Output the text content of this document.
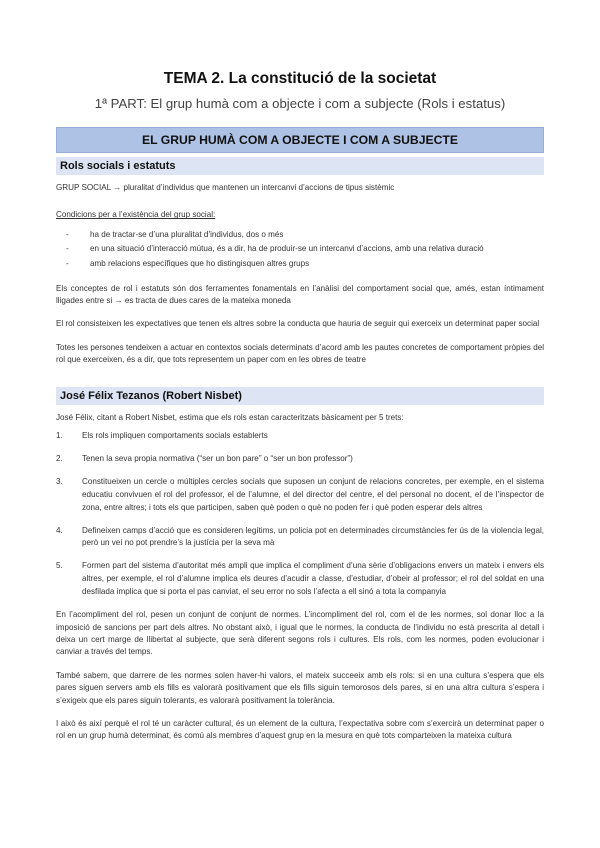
TEMA 2. La constitució de la societat
1ª PART: El grup humà com a objecte i com a subjecte (Rols i estatus)
EL GRUP HUMÀ COM A OBJECTE I COM A SUBJECTE
Rols socials i estatuts

GRUP SOCIAL → pluralitat d’individus que mantenen un intercanvi d’accions de tipus sistèmic

Condicions per a l’existència del grup social:

- ha de tractar-se d’una pluralitat d’individus, dos o més
- en una situació d’interacció mútua, és a dir, ha de produir-se un intercanvi d’accions, amb una relativa duració
- amb relacions específiques que ho distingisquen altres grups

Els conceptes de rol i estatuts són dos ferramentes fonamentals en l’anàlisi del comportament social que, amés, estan íntimament lligades entre si → es tracta de dues cares de la mateixa moneda

El rol consisteixen les expectatives que tenen els altres sobre la conducta que hauria de seguir qui exerceix un determinat paper social

Totes les persones tendeixen a actuar en contextos socials determinats d’acord amb les pautes concretes de comportament pròpies del rol que exerceixen, és a dir, que tots representem un paper com en les obres de teatre

José Félix Tezanos (Robert Nisbet)

José Félix, citant a Robert Nisbet, estima que els rols estan caracteritzats bàsicament per 5 trets:

1. Els rols impliquen comportaments socials establerts
2. Tenen la seva propia normativa (“ser un bon pare” o “ser un bon professor”)
3. Constitueixen un cercle o múltiples cercles socials que suposen un conjunt de relacions concretes, per exemple, en el sistema educatiu convivuen el rol del professor, el de l’alumne, el del director del centre, el del personal no docent, el de l’inspector de zona, entre altres; i tots els que participen, saben què poden o què no poden fer i què poden esperar dels altres
4. Defineixen camps d’acció que es consideren legítims, un policia pot en determinades circumstàncies fer ús de la violencia legal, però un veí no pot prendre’s la justícia per la seva mà
5. Formen part del sistema d’autoritat més ampli que implica el compliment d’una sèrie d’obligacions envers un mateix i envers els altres, per exemple, el rol d’alumne implica els deures d’acudir a classe, d’estudiar, d’obeir al professor; el rol del soldat en una desfilada implica que si porta el pas canviat, el seu error no sols l’afecta a ell sinó a tota la companyia

En l’acompliment del rol, pesen un conjunt de conjunt de normes. L’incompliment del rol, com el de les normes, sol donar lloc a la imposició de sancions per part dels altres. No obstant això, i igual que le normes, la conducta de l’individu no està prescrita al detall i deixa un cert marge de llibertat al subjecte, que serà diferent segons rols i cultures. Els rols, com les normes, poden evolucionar i canviar a través del temps.

També sabem, que darrere de les normes solen haver-hi valors, el mateix succeeix amb els rols: si en una cultura s’espera que els pares siguen servers amb els fills es valorarà positivament que els fills siguin temorosos dels pares, si en una altra cultura s’espera i s’exigeix que els pares siguin tolerants, es valorarà positivament la tolerància.

I això és així perquè el rol té un caràcter cultural, és un element de la cultura, l’expectativa sobre com s’exercirà un determinat paper o rol en un grup humà determinat, és comú als membres d’aquest grup en la mesura en què tots comparteixen la mateixa cultura
